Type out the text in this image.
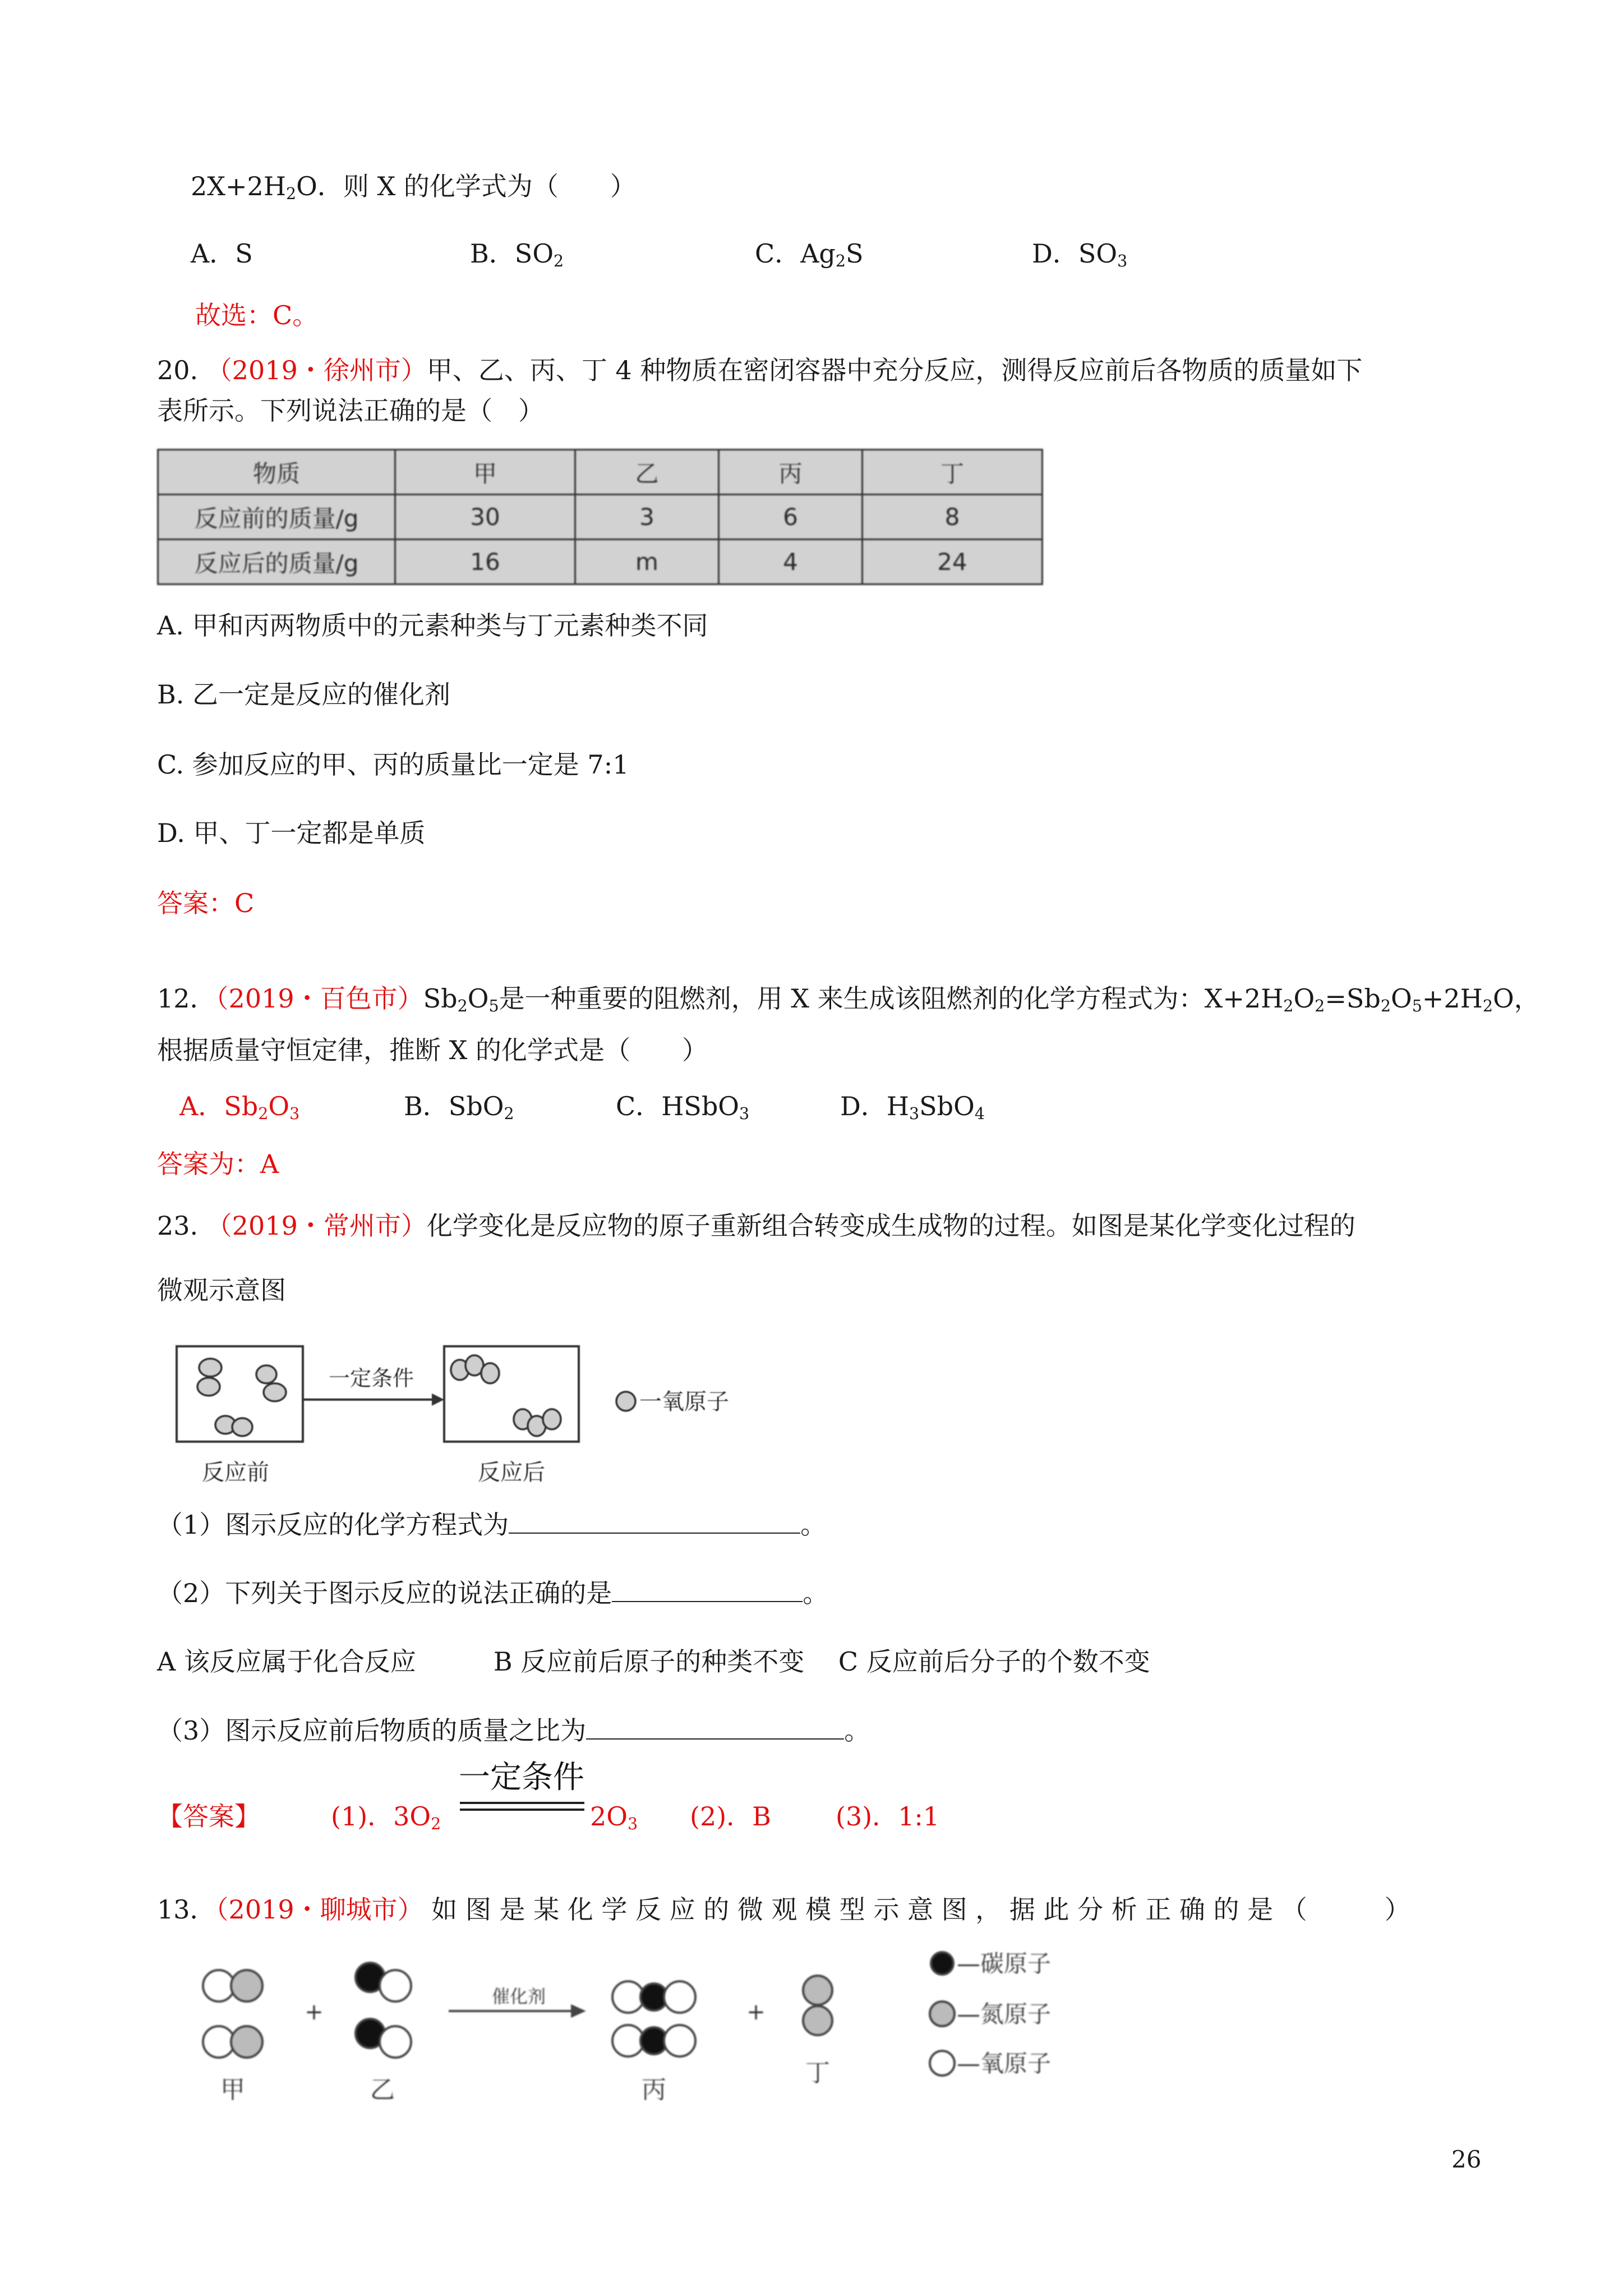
$2X+2H_2O$．则 X 的化学式为（　　）
A．S	B．$SO_2$	C．$Ag_2S$	D．$SO_3$
故选：C。
20. （2019・徐州市）甲、乙、丙、丁 4 种物质在密闭容器中充分反应，测得反应前后各物质的质量如下
表所示。下列说法正确的是（　）
物质	甲	乙	丙	丁
反应前的质量/g	30	3	6	8
反应后的质量/g	16	m	4	24
A. 甲和丙两物质中的元素种类与丁元素种类不同
B. 乙一定是反应的催化剂
C. 参加反应的甲、丙的质量比一定是 7:1
D. 甲、丁一定都是单质
答案：C
12．（2019・百色市）$Sb_2O_5$是一种重要的阻燃剂，用 X 来生成该阻燃剂的化学方程式为：$X+2H_2O_2=Sb_2O_5+2H_2O$，
根据质量守恒定律，推断 X 的化学式是（　　）
A．$Sb_2O_3$	B．SbO$_2$	C．HSbO$_3$	D．$H_3SbO_4$
答案为：A
23. （2019・常州市）化学变化是反应物的原子重新组合转变成生成物的过程。如图是某化学变化过程的
微观示意图
一定条件
一氧原子
反应前	反应后
（1）图示反应的化学方程式为	。
（2）下列关于图示反应的说法正确的是	。
A 该反应属于化合反应　　　B 反应前后原子的种类不变　 C 反应前后分子的个数不变
（3）图示反应前后物质的质量之比为	。
【答案】	(1)．$3O_2$
一定条件
$2O_3$ (2)．B	(3)．1:1
13．（2019・聊城市） 如 图 是 某 化 学 反 应 的 微 观 模 型 示 意 图 ， 据 此 分 析 正 确 的 是 （　　　）
+	+
催化剂
甲	乙	丙
丁
—碳原子
—氮原子
—氧原子
26
